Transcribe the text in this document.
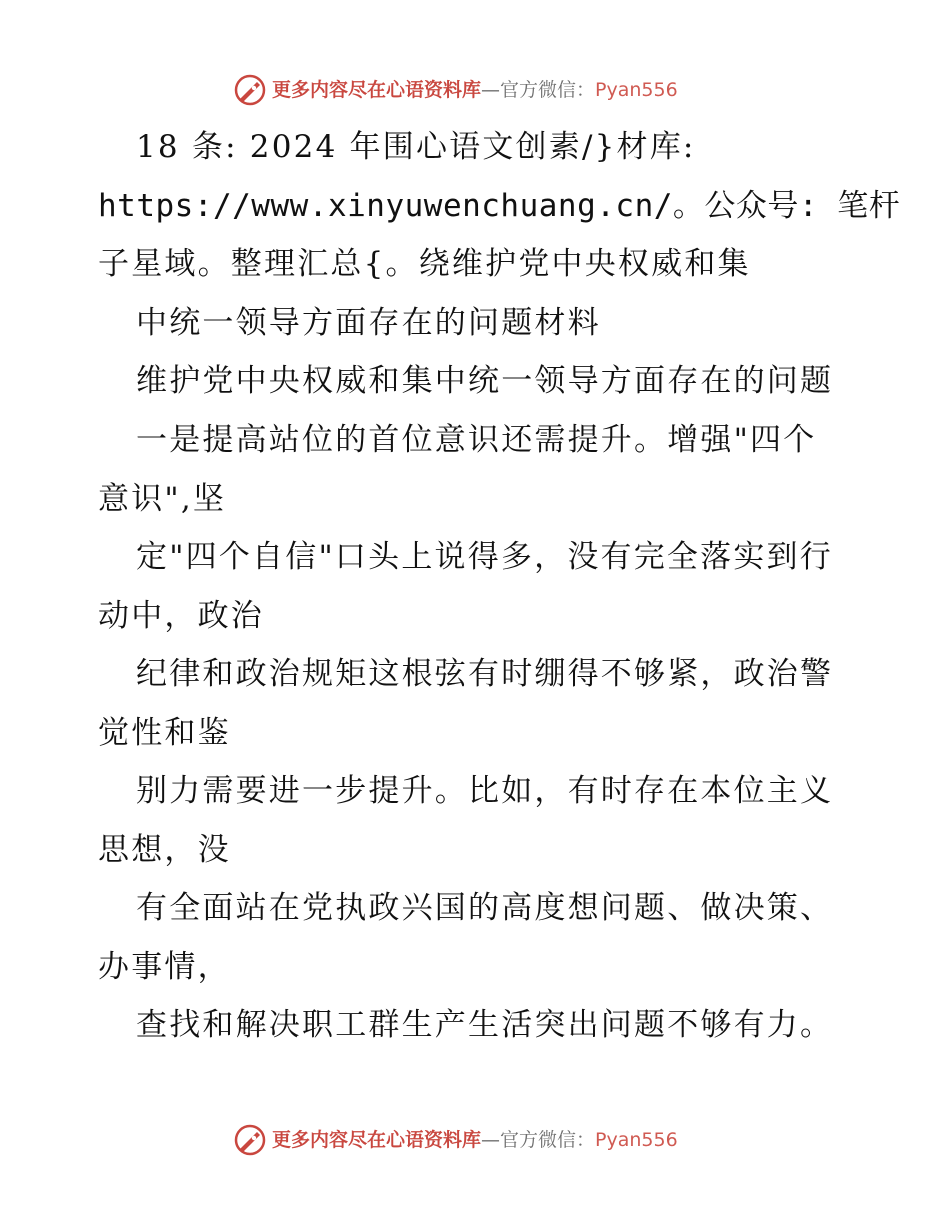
更多内容尽在心语资料库—官方微信：Pyan556
18 条: 2024 年围心语文创素/}材库:
https://www.xinyuwenchuang.cn/。公众号: 笔杆
子星域。整理汇总{。绕维护党中央权威和集
中统一领导方面存在的问题材料
维护党中央权威和集中统一领导方面存在的问题
一是提高站位的首位意识还需提升。增强"四个
意识",坚
定"四个自信"口头上说得多，没有完全落实到行
动中，政治
纪律和政治规矩这根弦有时绷得不够紧，政治警
觉性和鉴
别力需要进一步提升。比如，有时存在本位主义
思想，没
有全面站在党执政兴国的高度想问题、做决策、
办事情，
查找和解决职工群生产生活突出问题不够有力。
更多内容尽在心语资料库—官方微信：Pyan556
